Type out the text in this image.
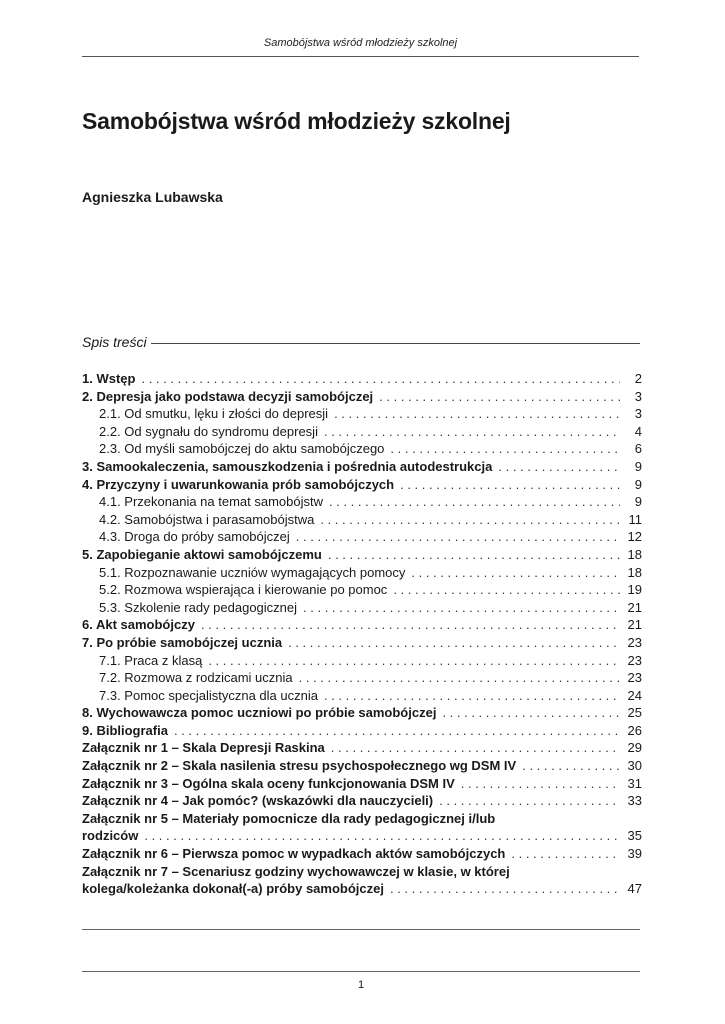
Samobójstwa wśród młodzieży szkolnej
Samobójstwa wśród młodzieży szkolnej
Agnieszka Lubawska
Spis treści
1. Wstęp . . .	2
2. Depresja jako podstawa decyzji samobójczej . . .	3
2.1. Od smutku, lęku i złości do depresji . . .	3
2.2. Od sygnału do syndromu depresji . . .	4
2.3. Od myśli samobójczej do aktu samobójczego . . .	6
3. Samookaleczenia, samouszkodzenia i pośrednia autodestrukcja . . .	9
4. Przyczyny i uwarunkowania prób samobójczych . . .	9
4.1. Przekonania na temat samobójstw . . .	9
4.2. Samobójstwa i parasamobójstwa . . .	11
4.3. Droga do próby samobójczej . . .	12
5. Zapobieganie aktowi samobójczemu . . .	18
5.1. Rozpoznawanie uczniów wymagających pomocy . . .	18
5.2. Rozmowa wspierająca i kierowanie po pomoc . . .	19
5.3. Szkolenie rady pedagogicznej . . .	21
6. Akt samobójczy . . .	21
7. Po próbie samobójczej ucznia . . .	23
7.1. Praca z klasą . . .	23
7.2. Rozmowa z rodzicami ucznia . . .	23
7.3. Pomoc specjalistyczna dla ucznia . . .	24
8. Wychowawcza pomoc uczniowi po próbie samobójczej . . .	25
9. Bibliografia . . .	26
Załącznik nr 1 – Skala Depresji Raskina . . .	29
Załącznik nr 2 – Skala nasilenia stresu psychospołecznego wg DSM IV . . .	30
Załącznik nr 3 – Ogólna skala oceny funkcjonowania DSM IV . . .	31
Załącznik nr 4 – Jak pomóc? (wskazówki dla nauczycieli) . . .	33
Załącznik nr 5 – Materiały pomocnicze dla rady pedagogicznej i/lub
rodziców . . .	35
Załącznik nr 6 – Pierwsza pomoc w wypadkach aktów samobójczych . . .	39
Załącznik nr 7 – Scenariusz godziny wychowawczej w klasie, w której
kolega/koleżanka dokonał(-a) próby samobójczej . . .	47
1
